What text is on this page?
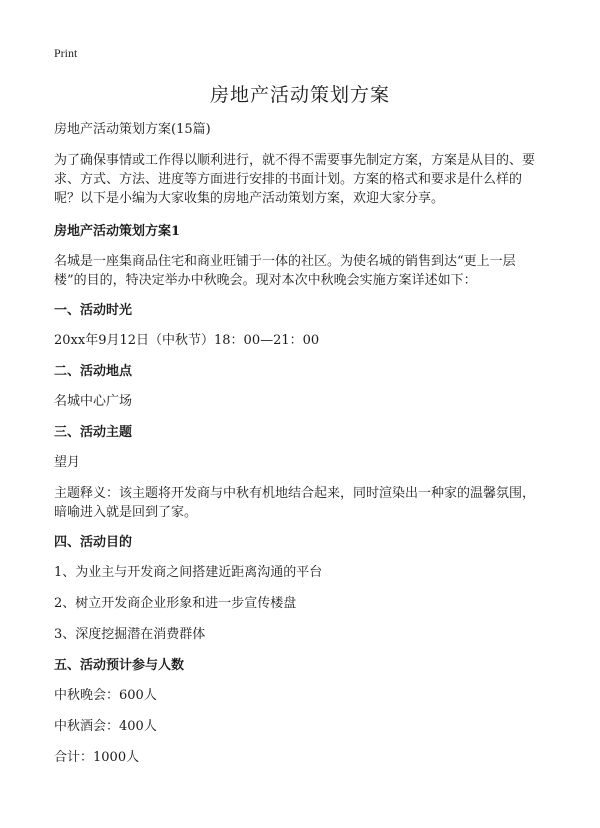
Print
房地产活动策划方案

房地产活动策划方案(15篇)

为了确保事情或工作得以顺利进行，就不得不需要事先制定方案，方案是从目的、要求、方式、方法、进度等方面进行安排的书面计划。方案的格式和要求是什么样的呢？以下是小编为大家收集的房地产活动策划方案，欢迎大家分享。

房地产活动策划方案1

名城是一座集商品住宅和商业旺铺于一体的社区。为使名城的销售到达“更上一层楼”的目的，特决定举办中秋晚会。现对本次中秋晚会实施方案详述如下：

一、活动时光

20xx年9月12日（中秋节）18：00—21：00

二、活动地点

名城中心广场

三、活动主题

望月

主题释义：该主题将开发商与中秋有机地结合起来，同时渲染出一种家的温馨氛围，暗喻进入就是回到了家。

四、活动目的

1、为业主与开发商之间搭建近距离沟通的平台

2、树立开发商企业形象和进一步宣传楼盘

3、深度挖掘潜在消费群体

五、活动预计参与人数

中秋晚会：600人

中秋酒会：400人

合计：1000人
